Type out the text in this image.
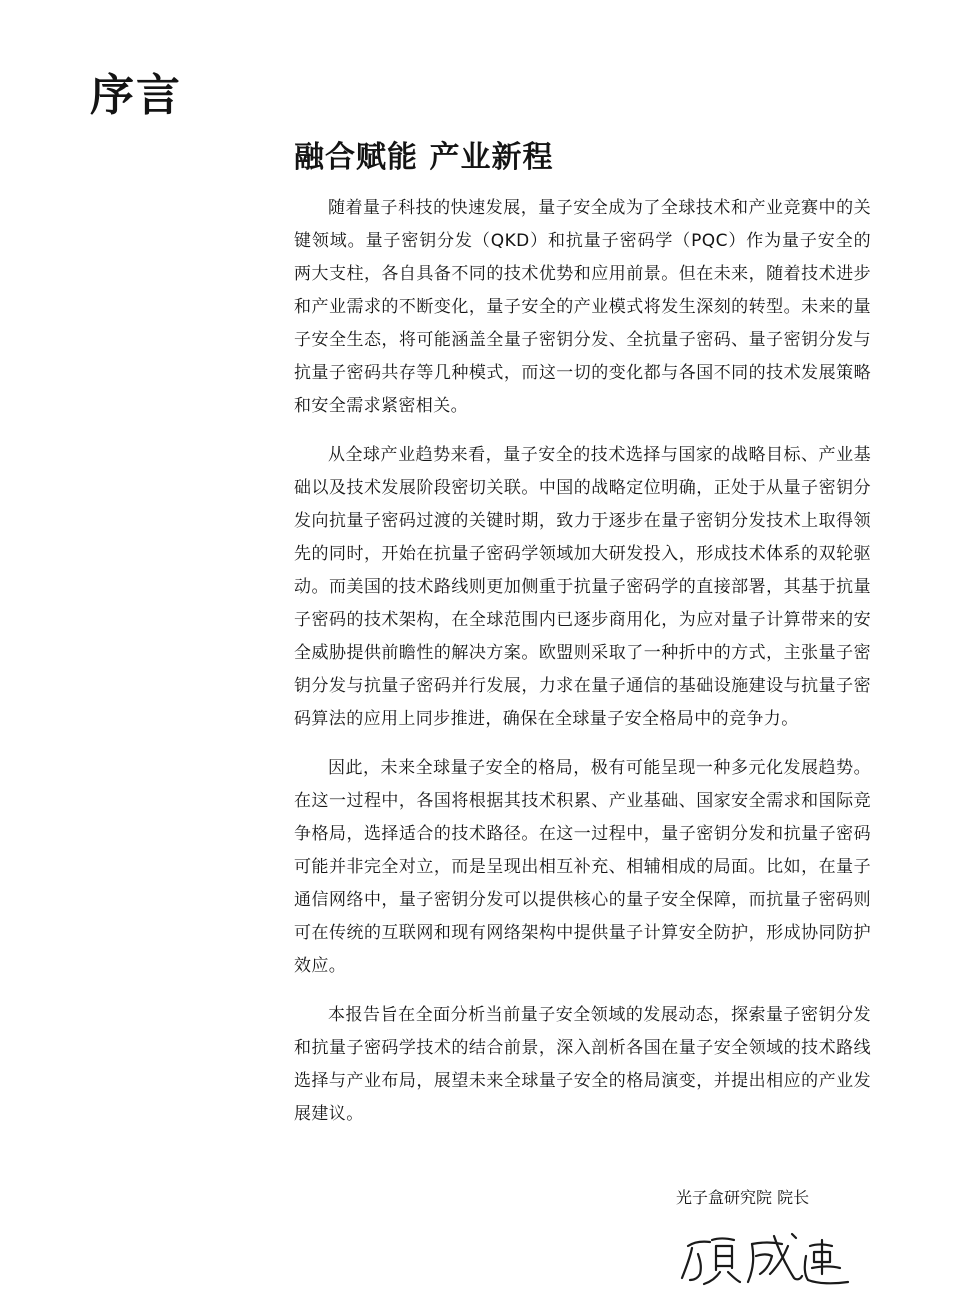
序言
融合赋能 产业新程

随着量子科技的快速发展，量子安全成为了全球技术和产业竞赛中的关键领域。量子密钥分发（QKD）和抗量子密码学（PQC）作为量子安全的两大支柱，各自具备不同的技术优势和应用前景。但在未来，随着技术进步和产业需求的不断变化，量子安全的产业模式将发生深刻的转型。未来的量子安全生态，将可能涵盖全量子密钥分发、全抗量子密码、量子密钥分发与抗量子密码共存等几种模式，而这一切的变化都与各国不同的技术发展策略和安全需求紧密相关。

从全球产业趋势来看，量子安全的技术选择与国家的战略目标、产业基础以及技术发展阶段密切关联。中国的战略定位明确，正处于从量子密钥分发向抗量子密码过渡的关键时期，致力于逐步在量子密钥分发技术上取得领先的同时，开始在抗量子密码学领域加大研发投入，形成技术体系的双轮驱动。而美国的技术路线则更加侧重于抗量子密码学的直接部署，其基于抗量子密码的技术架构，在全球范围内已逐步商用化，为应对量子计算带来的安全威胁提供前瞻性的解决方案。欧盟则采取了一种折中的方式，主张量子密钥分发与抗量子密码并行发展，力求在量子通信的基础设施建设与抗量子密码算法的应用上同步推进，确保在全球量子安全格局中的竞争力。

因此，未来全球量子安全的格局，极有可能呈现一种多元化发展趋势。在这一过程中，各国将根据其技术积累、产业基础、国家安全需求和国际竞争格局，选择适合的技术路径。在这一过程中，量子密钥分发和抗量子密码可能并非完全对立，而是呈现出相互补充、相辅相成的局面。比如，在量子通信网络中，量子密钥分发可以提供核心的量子安全保障，而抗量子密码则可在传统的互联网和现有网络架构中提供量子计算安全防护，形成协同防护效应。

本报告旨在全面分析当前量子安全领域的发展动态，探索量子密钥分发和抗量子密码学技术的结合前景，深入剖析各国在量子安全领域的技术路线选择与产业布局，展望未来全球量子安全的格局演变，并提出相应的产业发展建议。

光子盒研究院 院长
